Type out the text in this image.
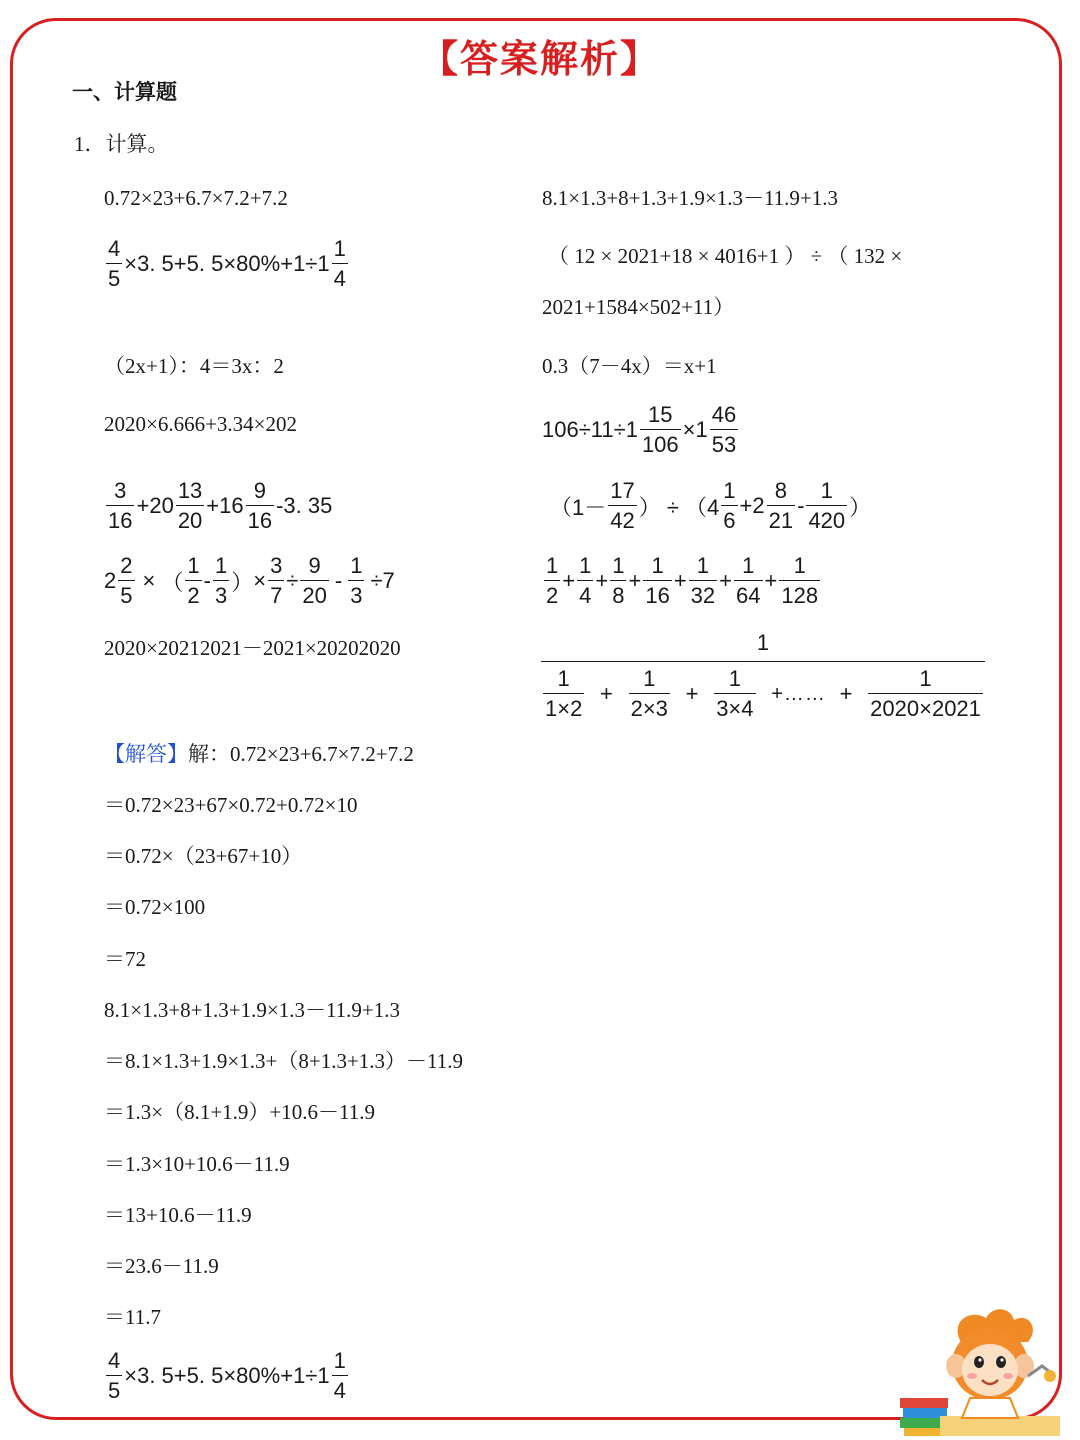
【答案解析】
一、计算题
1．计算。
0.72×23+6.7×7.2+7.2
$\frac{4}{5} \times 3$. 5+5. $5\times 80\%+1\div 1 \frac{1}{4}$
（2x+1）：4＝3x：2
2020×6.666+3.34×202
$\frac{3}{16} +20 \frac{13}{20} +16 \frac{9}{16} -3$. 35
$2 \frac{2}{5}$ × （ $\frac{1}{2} - \frac{1}{3}$ ） × $\frac{3}{7} \div \frac{9}{20} - \frac{1}{3} \div 7$
2020×20212021－2021×20202020
8.1×1.3+8+1.3+1.9×1.3－11.9+1.3
（ 12 × 2021+18 × 4016+1 ） ÷ （ 132 ×
2021+1584×502+11）
0.3（7－4x）＝x+1
$106\div 11\div 1 \frac{15}{106} \times 1 \frac{46}{53}$
（$1- \frac{17}{42}$ ） ÷ （$4 \frac{1}{6} +2 \frac{8}{21} - \frac{1}{420}$ ）
$\frac{1}{2} + \frac{1}{4} + \frac{1}{8} + \frac{1}{16} + \frac{1}{32} + \frac{1}{64} + \frac{1}{128}$
1
$\frac{1}{1\times 2} + \frac{1}{2\times 3} + \frac{1}{3\times 4}$ +…… + $\frac{1}{2020\times 2021}$
【解答】解：0.72×23+6.7×7.2+7.2
＝0.72×23+67×0.72+0.72×10
＝0.72×（23+67+10）
＝0.72×100
＝72
8.1×1.3+8+1.3+1.9×1.3－11.9+1.3
＝8.1×1.3+1.9×1.3+（8+1.3+1.3）－11.9
＝1.3×（8.1+1.9）+10.6－11.9
＝1.3×10+10.6－11.9
＝13+10.6－11.9
＝23.6－11.9
＝11.7
$\frac{4}{5} \times 3$. 5+5. $5\times 80\%+1\div 1 \frac{1}{4}$
